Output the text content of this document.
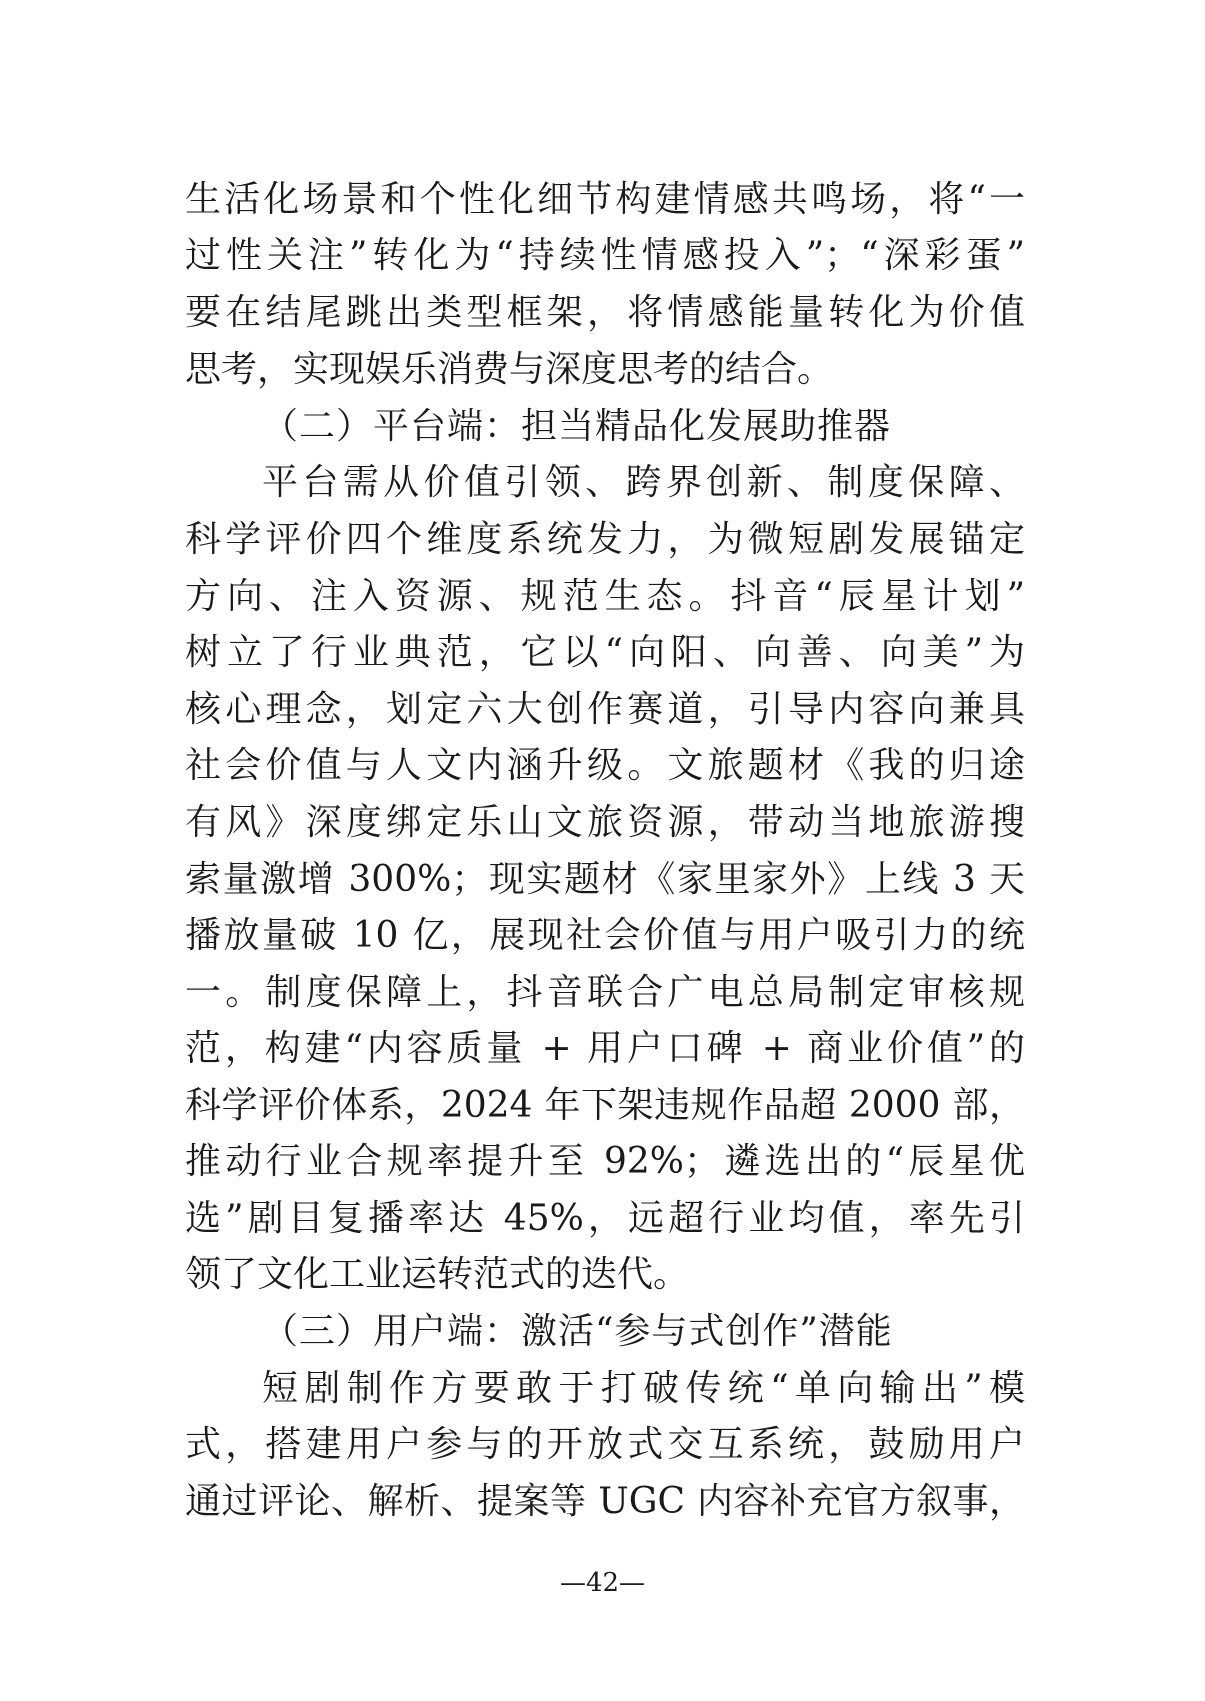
生活化场景和个性化细节构建情感共鸣场，将“一
过性关注”转化为“持续性情感投入”；“深彩蛋”
要在结尾跳出类型框架，将情感能量转化为价值
思考，实现娱乐消费与深度思考的结合。
（二）平台端：担当精品化发展助推器
平台需从价值引领、跨界创新、制度保障、
科学评价四个维度系统发力，为微短剧发展锚定
方向、注入资源、规范生态。抖音“辰星计划”
树立了行业典范，它以“向阳、向善、向美”为
核心理念，划定六大创作赛道，引导内容向兼具
社会价值与人文内涵升级。文旅题材《我的归途
有风》深度绑定乐山文旅资源，带动当地旅游搜
索量激增 300%；现实题材《家里家外》上线 3 天
播放量破 10 亿，展现社会价值与用户吸引力的统
一。制度保障上，抖音联合广电总局制定审核规
范，构建“内容质量 + 用户口碑 + 商业价值”的
科学评价体系，2024 年下架违规作品超 2000 部，
推动行业合规率提升至 92%；遴选出的“辰星优
选”剧目复播率达 45%，远超行业均值，率先引
领了文化工业运转范式的迭代。
（三）用户端：激活“参与式创作”潜能
短剧制作方要敢于打破传统“单向输出”模
式，搭建用户参与的开放式交互系统，鼓励用户
通过评论、解析、提案等 UGC 内容补充官方叙事，
—42—
